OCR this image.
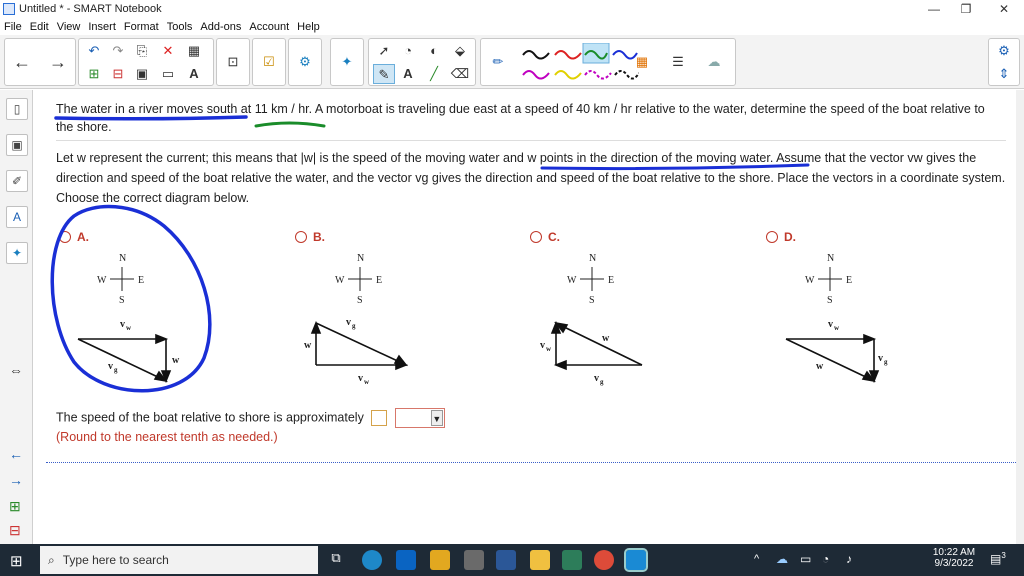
Untitled * - SMART Notebook	—	❐	✕
File Edit View Insert Format Tools Add-ons Account Help
← →
↶	↷	⎘	✕	▦
⊞	⊟ ▣	▭	A
⊡	☑	⚙	✦
➚	◔	◐	⬙
✎	A	╱ ⌫
✏	▦	☰	☁
⚙
⇕
▯
▣
✐
A
✦
⇔
←
→
⊞
⊟
The water in a river moves south at 11 km / hr. A motorboat is traveling due east at a speed of 40 km / hr relative to the water, determine the speed of the boat relative to the shore.
Let w represent the current; this means that |w| is the speed of the moving water and w points in the direction of the moving water. Assume that the vector vw gives the direction and speed of the boat relative the water, and the vector vg gives the direction and speed of the boat relative to the shore. Place the vectors in a coordinate system. Choose the correct diagram below.
A.	B.	C.	D.
N
S
W	E
v w
w
v g
N
S
W	E
v g
w
v w
N
S
W	E
w
v w
v g
N
S
W	E
v w
v g
w
The speed of the boat relative to shore is approximately	▼
(Round to the nearest tenth as needed.)
⊞ ⌕ Type here to search	⧉	^ ☁ ▭ ◔ ♪	10:22 AM
9/3/2022	▤$^3$
